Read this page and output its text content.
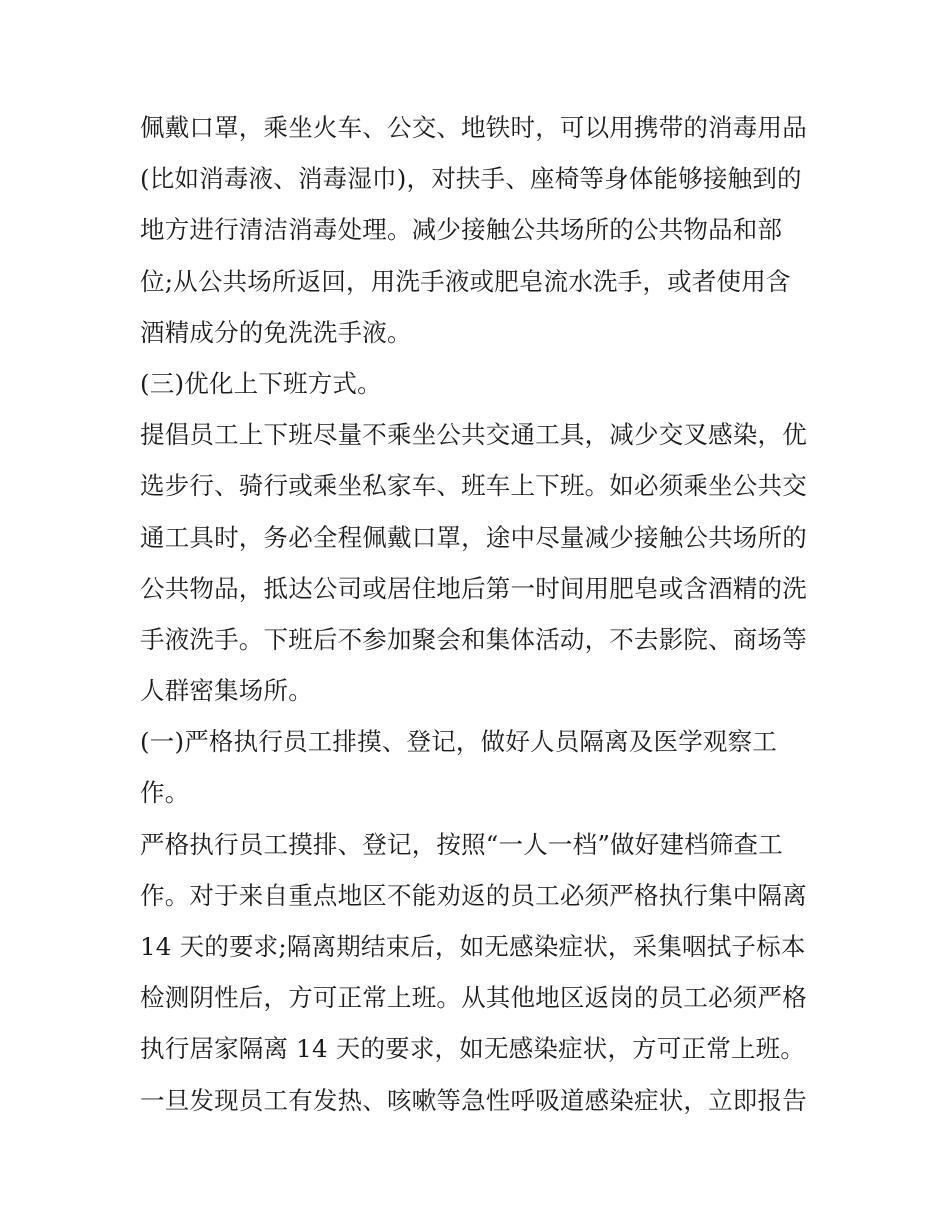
佩戴口罩，乘坐火车、公交、地铁时，可以用携带的消毒用品
(比如消毒液、消毒湿巾)，对扶手、座椅等身体能够接触到的
地方进行清洁消毒处理。减少接触公共场所的公共物品和部
位;从公共场所返回，用洗手液或肥皂流水洗手，或者使用含
酒精成分的免洗洗手液。
(三)优化上下班方式。
提倡员工上下班尽量不乘坐公共交通工具，减少交叉感染，优
选步行、骑行或乘坐私家车、班车上下班。如必须乘坐公共交
通工具时，务必全程佩戴口罩，途中尽量减少接触公共场所的
公共物品，抵达公司或居住地后第一时间用肥皂或含酒精的洗
手液洗手。下班后不参加聚会和集体活动，不去影院、商场等
人群密集场所。
(一)严格执行员工排摸、登记，做好人员隔离及医学观察工
作。
严格执行员工摸排、登记，按照“一人一档”做好建档筛查工
作。对于来自重点地区不能劝返的员工必须严格执行集中隔离
14 天的要求;隔离期结束后，如无感染症状，采集咽拭子标本
检测阴性后，方可正常上班。从其他地区返岗的员工必须严格
执行居家隔离 14 天的要求，如无感染症状，方可正常上班。
一旦发现员工有发热、咳嗽等急性呼吸道感染症状，立即报告
